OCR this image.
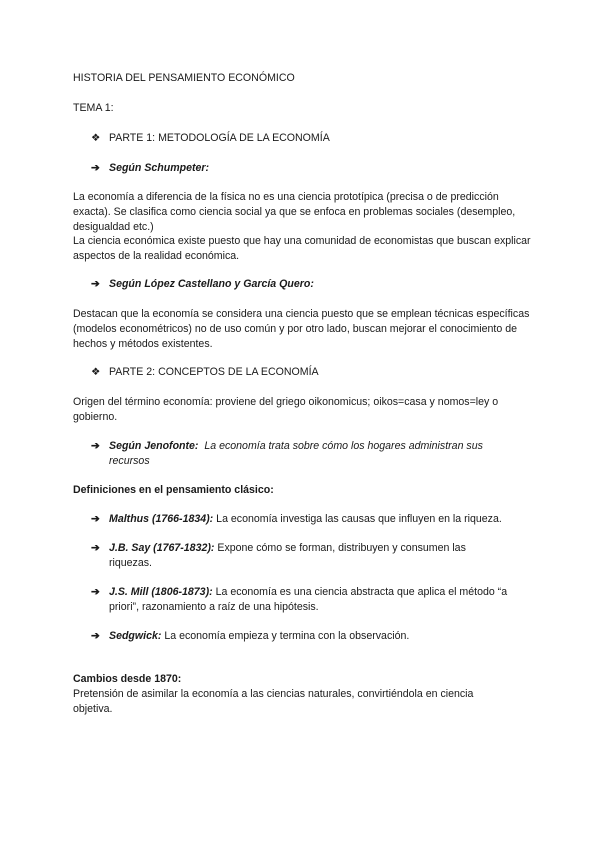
HISTORIA DEL PENSAMIENTO ECONÓMICO

TEMA 1:

❖ PARTE 1: METODOLOGÍA DE LA ECONOMÍA
➔ Según Schumpeter:

La economía a diferencia de la física no es una ciencia prototípica (precisa o de predicción exacta). Se clasifica como ciencia social ya que se enfoca en problemas sociales (desempleo, desigualdad etc.)

La ciencia económica existe puesto que hay una comunidad de economistas que buscan explicar aspectos de la realidad económica.

➔ Según López Castellano y García Quero:

Destacan que la economía se considera una ciencia puesto que se emplean técnicas específicas (modelos econométricos) no de uso común y por otro lado, buscan mejorar el conocimiento de hechos y métodos existentes.

❖ PARTE 2: CONCEPTOS DE LA ECONOMÍA

Origen del término economía: proviene del griego oikonomicus; oikos=casa y nomos=ley o gobierno.

➔ Según Jenofonte: La economía trata sobre cómo los hogares administran sus recursos

Definiciones en el pensamiento clásico:

➔ Malthus (1766-1834): La economía investiga las causas que influyen en la riqueza.
➔ J.B. Say (1767-1832): Expone cómo se forman, distribuyen y consumen las riquezas.
➔ J.S. Mill (1806-1873): La economía es una ciencia abstracta que aplica el método “a priori”, razonamiento a raíz de una hipótesis.
➔ Sedgwick: La economía empieza y termina con la observación.

Cambios desde 1870:

Pretensión de asimilar la economía a las ciencias naturales, convirtiéndola en ciencia objetiva.
